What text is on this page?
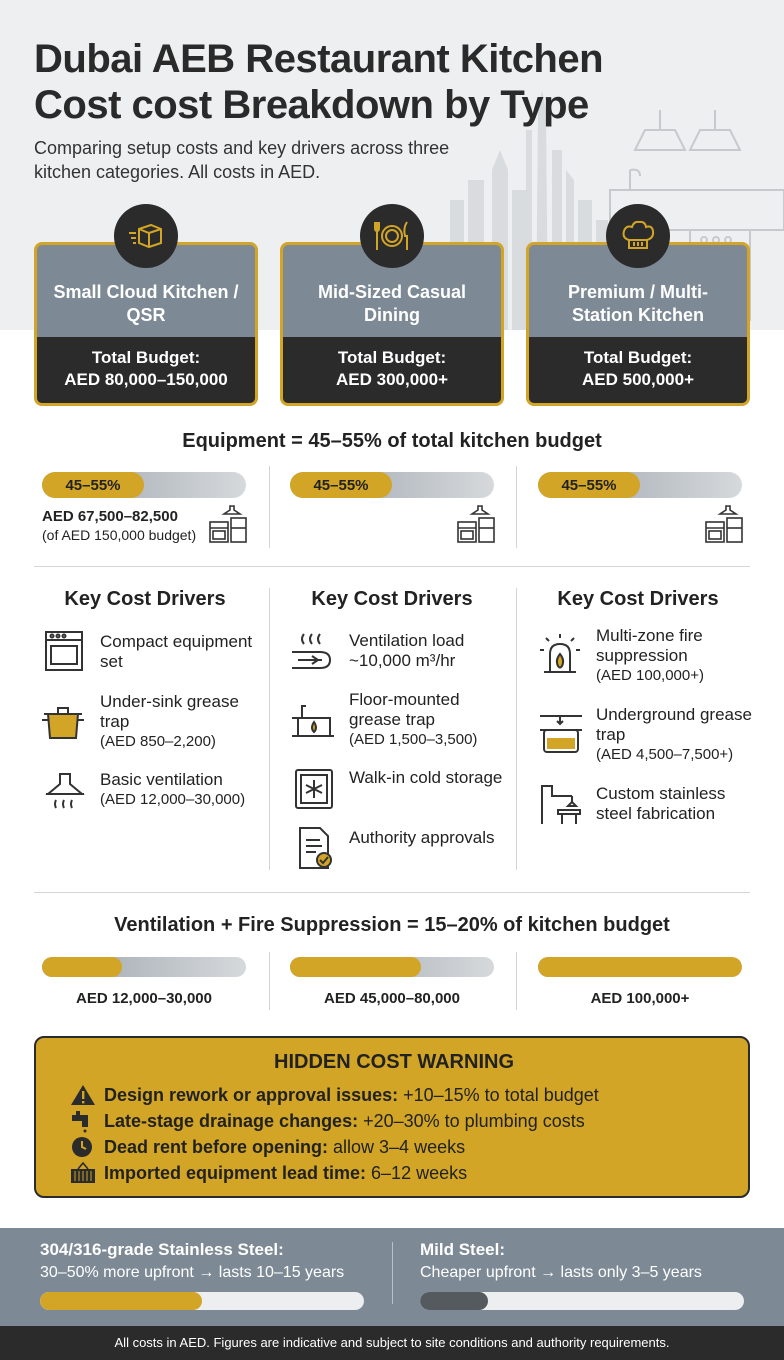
Dubai AEB Restaurant Kitchen
Cost cost Breakdown by Type
Comparing setup costs and key drivers across three kitchen categories. All costs in AED.
Small Cloud Kitchen / QSR
Total Budget:
AED 80,000–150,000
Mid-Sized Casual Dining
Total Budget:
AED 300,000+
Premium / Multi-Station Kitchen
Total Budget:
AED 500,000+
Equipment = 45–55% of total kitchen budget
45–55%	45–55%	45–55%
AED 67,500–82,500
(of AED 150,000 budget)
Key Cost Drivers	Key Cost Drivers	Key Cost Drivers
Compact equipment set
Under-sink grease trap
(AED 850–2,200)
Basic ventilation
(AED 12,000–30,000)
Ventilation load ~10,000 m³/hr
Floor-mounted grease trap
(AED 1,500–3,500)
Walk-in cold storage
Authority approvals
Multi-zone fire suppression
(AED 100,000+)
Underground grease trap
(AED 4,500–7,500+)
Custom stainless steel fabrication
Ventilation + Fire Suppression = 15–20% of kitchen budget
AED 12,000–30,000	AED 45,000–80,000	AED 100,000+
HIDDEN COST WARNING
Design rework or approval issues: +10–15% to total budget
Late-stage drainage changes: +20–30% to plumbing costs
Dead rent before opening: allow 3–4 weeks
Imported equipment lead time: 6–12 weeks
304/316-grade Stainless Steel:
30–50% more upfront → lasts 10–15 years
Mild Steel:
Cheaper upfront → lasts only 3–5 years
All costs in AED. Figures are indicative and subject to site conditions and authority requirements.
